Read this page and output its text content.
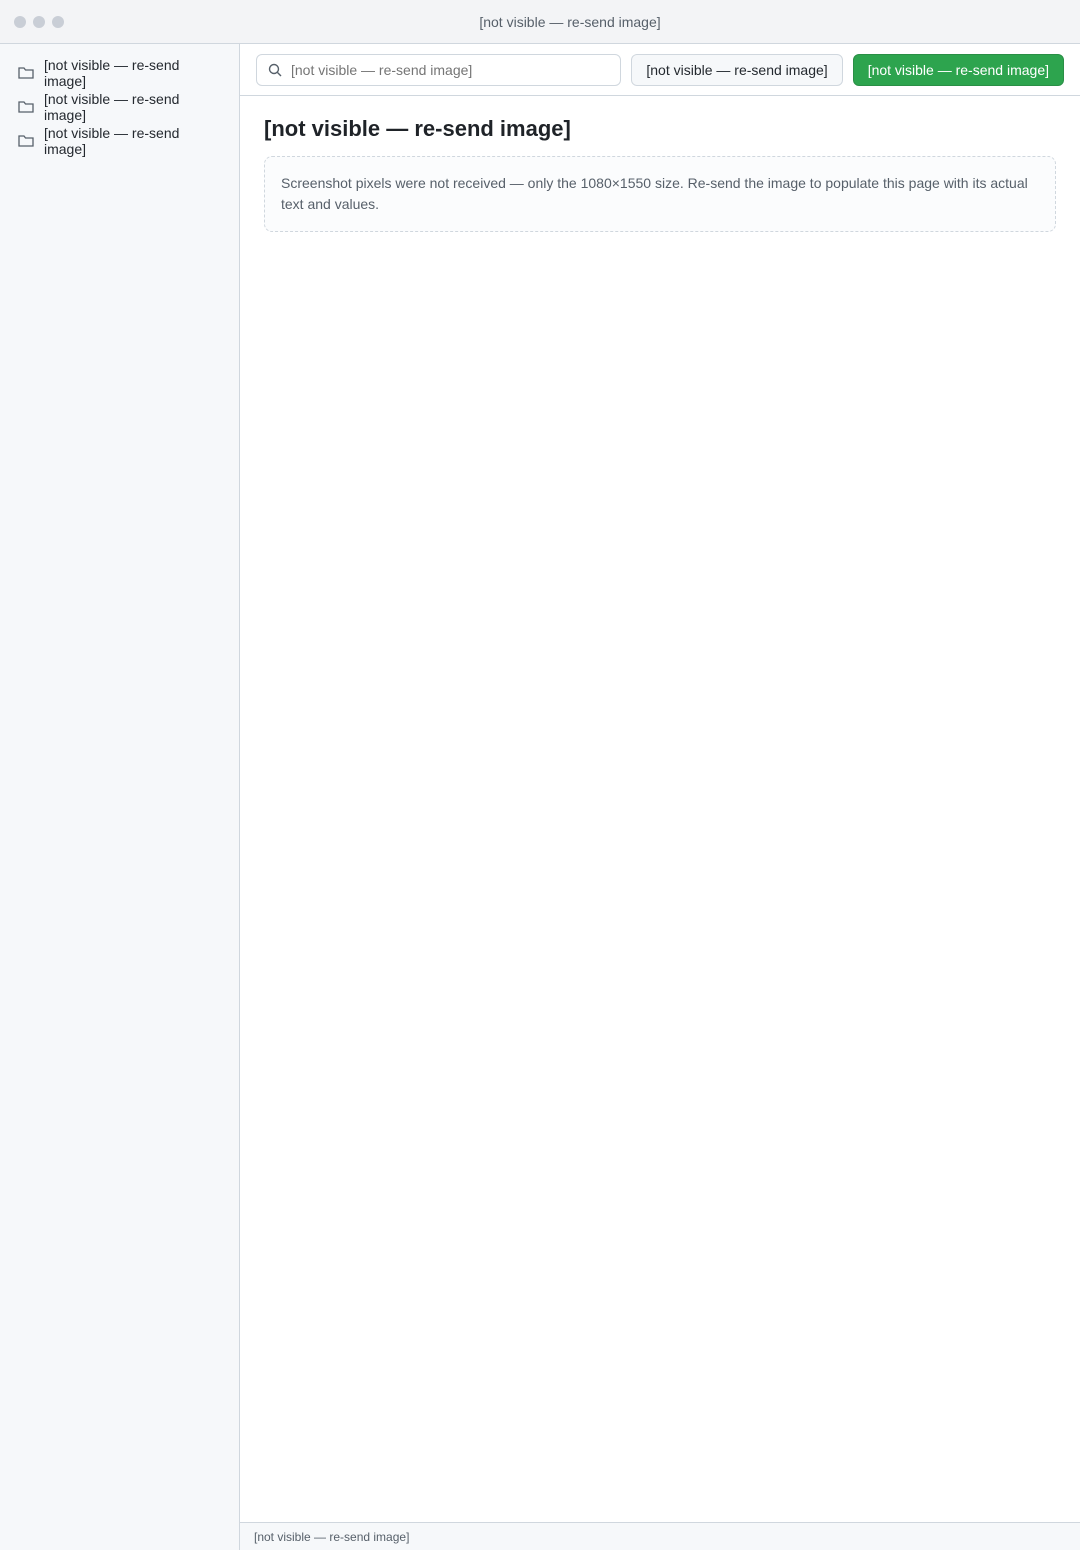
[not visible — re-send image]
[not visible — re-send image]
[not visible — re-send image]
[not visible — re-send image]
[not visible — re-send image]
[not visible — re-send image]	[not visible — re-send image]
[not visible — re-send image]

Screenshot pixels were not received — only the 1080×1550 size. Re-send the image to populate this page with its actual text and values.

[not visible — re-send image]
